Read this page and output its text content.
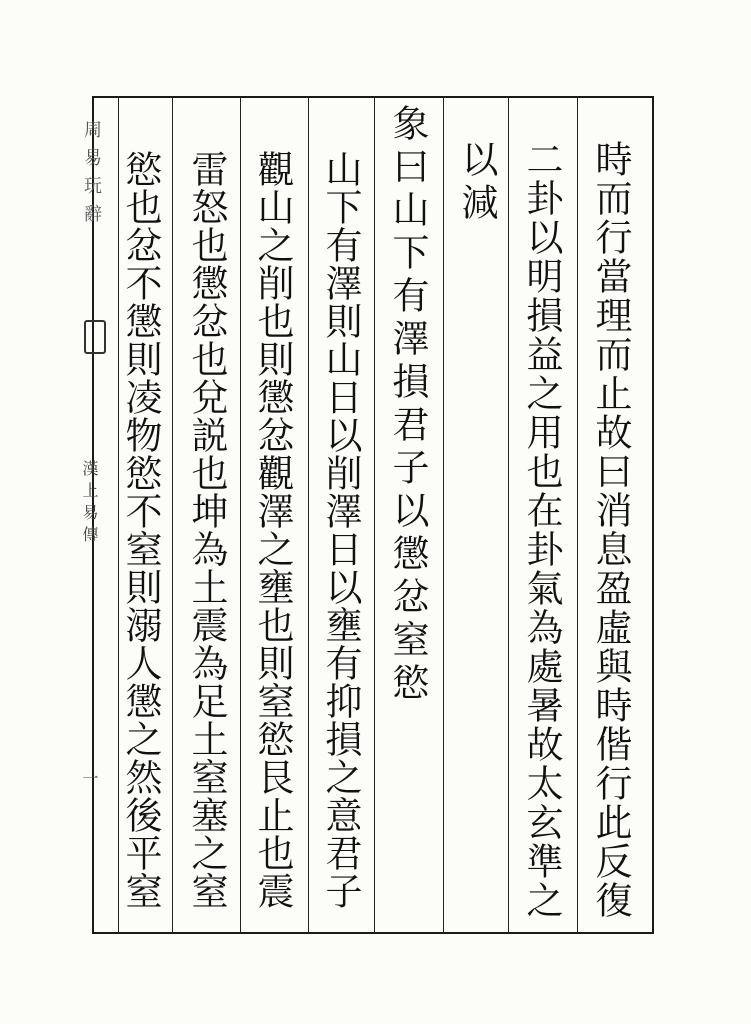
周易玩辭
漢上易傳
一	時而行當理而止故曰消息盈虛與時偕行此反復
二卦以明損益之用也在卦氣為處暑故太玄準之
以減
象曰山下有澤損君子以懲忿窒慾
山下有澤則山日以削澤日以壅有抑損之意君子
觀山之削也則懲忿觀澤之壅也則窒慾艮止也震
雷怒也懲忿也兌説也坤為土震為足土窒塞之窒
慾也忿不懲則凌物慾不窒則溺人懲之然後平窒
